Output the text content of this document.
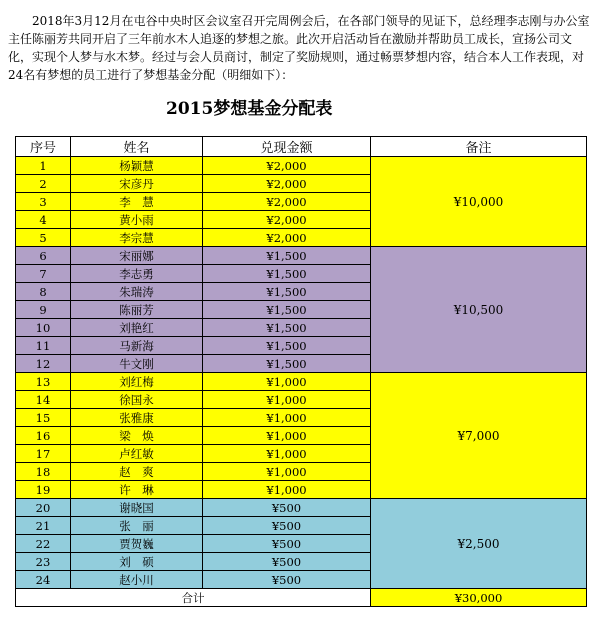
2018年3月12月在屯谷中央时区会议室召开完周例会后，在各部门领导的见证下，总经理李志刚与办公室主任陈丽芳共同开启了三年前水木人追逐的梦想之旅。此次开启活动旨在激励并帮助员工成长，宣扬公司文化，实现个人梦与水木梦。经过与会人员商讨，制定了奖励规则，通过畅票梦想内容，结合本人工作表现，对24名有梦想的员工进行了梦想基金分配（明细如下）：

2015梦想基金分配表
序号	姓名	兑现金额	备注
1	杨颖慧	¥2,000	¥10,000
2	宋彦丹	¥2,000	
3	李　慧	¥2,000	
4	黄小雨	¥2,000	
5	李宗慧	¥2,000	
6	宋丽娜	¥1,500	¥10,500
7	李志勇	¥1,500	
8	朱瑞涛	¥1,500	
9	陈丽芳	¥1,500	
10	刘艳红	¥1,500	
11	马新海	¥1,500	
12	牛文刚	¥1,500	
13	刘红梅	¥1,000	¥7,000
14	徐国永	¥1,000	
15	张雅康	¥1,000	
16	梁　焕	¥1,000	
17	卢红敏	¥1,000	
18	赵　爽	¥1,000	
19	许　琳	¥1,000	
20	谢晓国	¥500	¥2,500
21	张　丽	¥500	
22	贾贺巍	¥500	
23	刘　硕	¥500	
24	赵小川	¥500	
合计			¥30,000
